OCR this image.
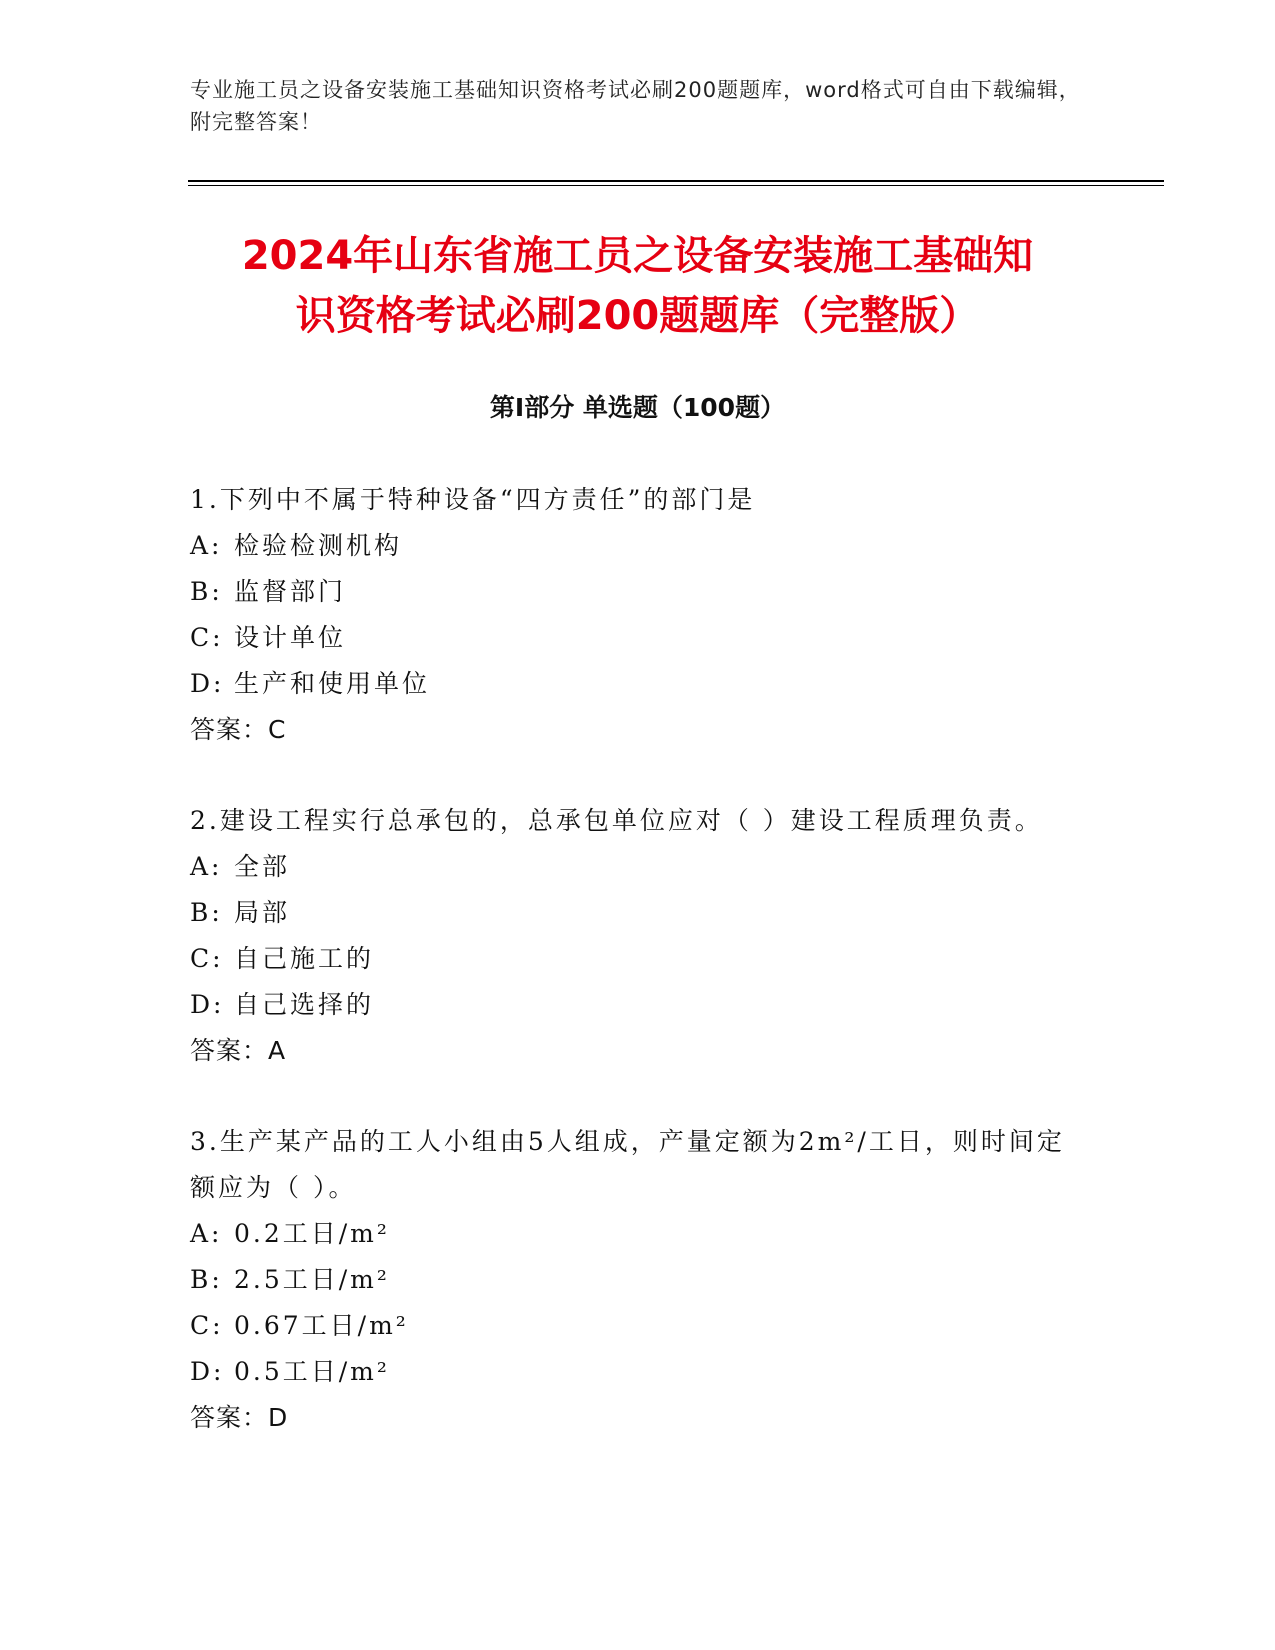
专业施工员之设备安装施工基础知识资格考试必刷200题题库，word格式可自由下载编辑，附完整答案！
2024年山东省施工员之设备安装施工基础知
识资格考试必刷200题题库（完整版）
第Ⅰ部分 单选题（100题）
1.下列中不属于特种设备“四方责任”的部门是
A: 检验检测机构
B: 监督部门
C: 设计单位
D: 生产和使用单位
答案：C
2.建设工程实行总承包的，总承包单位应对（ ）建设工程质理负责。
A: 全部
B: 局部
C: 自己施工的
D: 自己选择的
答案：A
3.生产某产品的工人小组由5人组成，产量定额为2m²/工日，则时间定额应为（ ）。
A: 0.2工日/m²
B: 2.5工日/m²
C: 0.67工日/m²
D: 0.5工日/m²
答案：D
